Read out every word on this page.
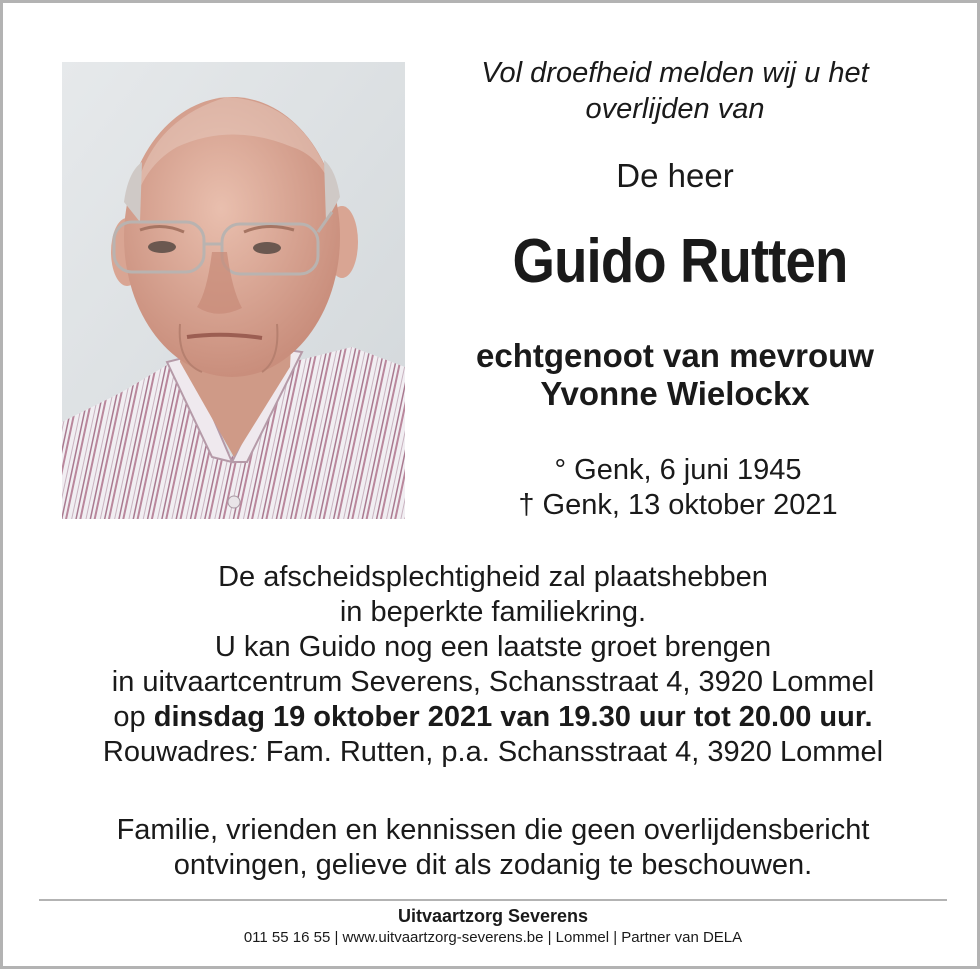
Vol droefheid melden wij u het
overlijden van
De heer
Guido Rutten
echtgenoot van mevrouw
Yvonne Wielockx
° Genk, 6 juni 1945
† Genk, 13 oktober 2021
De afscheidsplechtigheid zal plaatshebben
in beperkte familiekring.
U kan Guido nog een laatste groet brengen
in uitvaartcentrum Severens, Schansstraat 4, 3920 Lommel
op dinsdag 19 oktober 2021 van 19.30 uur tot 20.00 uur.
Rouwadres: Fam. Rutten, p.a. Schansstraat 4, 3920 Lommel
Familie, vrienden en kennissen die geen overlijdensbericht
ontvingen, gelieve dit als zodanig te beschouwen.
Uitvaartzorg Severens
011 55 16 55 | www.uitvaartzorg-severens.be | Lommel | Partner van DELA
